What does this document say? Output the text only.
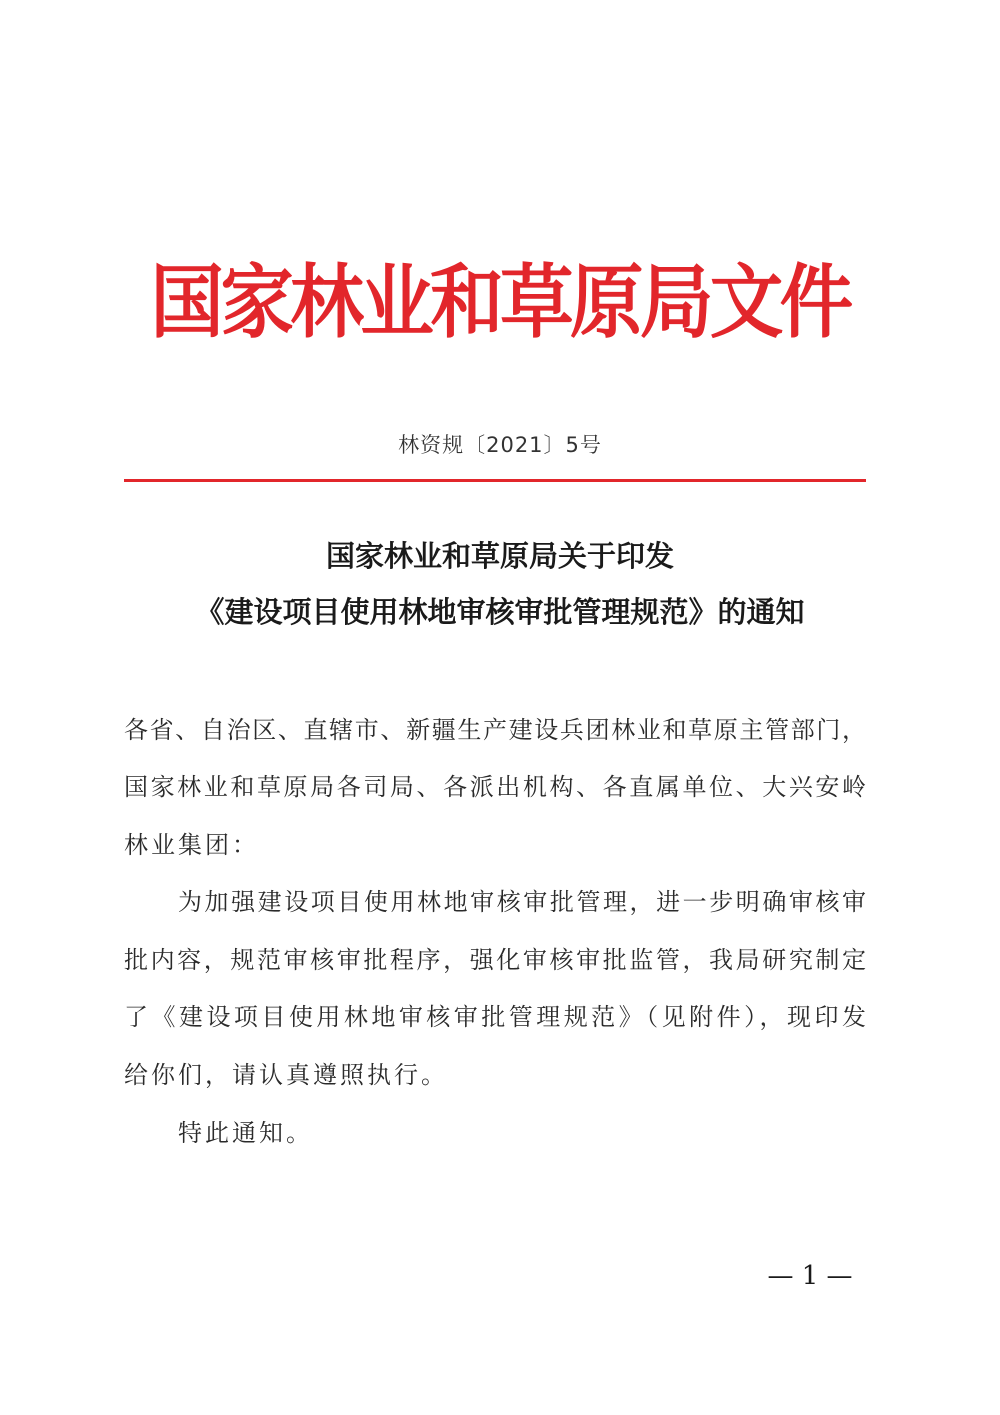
国家林业和草原局文件
林资规〔2021〕5号
国家林业和草原局关于印发
《建设项目使用林地审核审批管理规范》的通知
各省、自治区、直辖市、新疆生产建设兵团林业和草原主管部门，
国家林业和草原局各司局、各派出机构、各直属单位、大兴安岭
林业集团：
为加强建设项目使用林地审核审批管理，进一步明确审核审
批内容，规范审核审批程序，强化审核审批监管，我局研究制定
了《建设项目使用林地审核审批管理规范》（见附件），现印发
给你们，请认真遵照执行。
特此通知。
— 1 —
